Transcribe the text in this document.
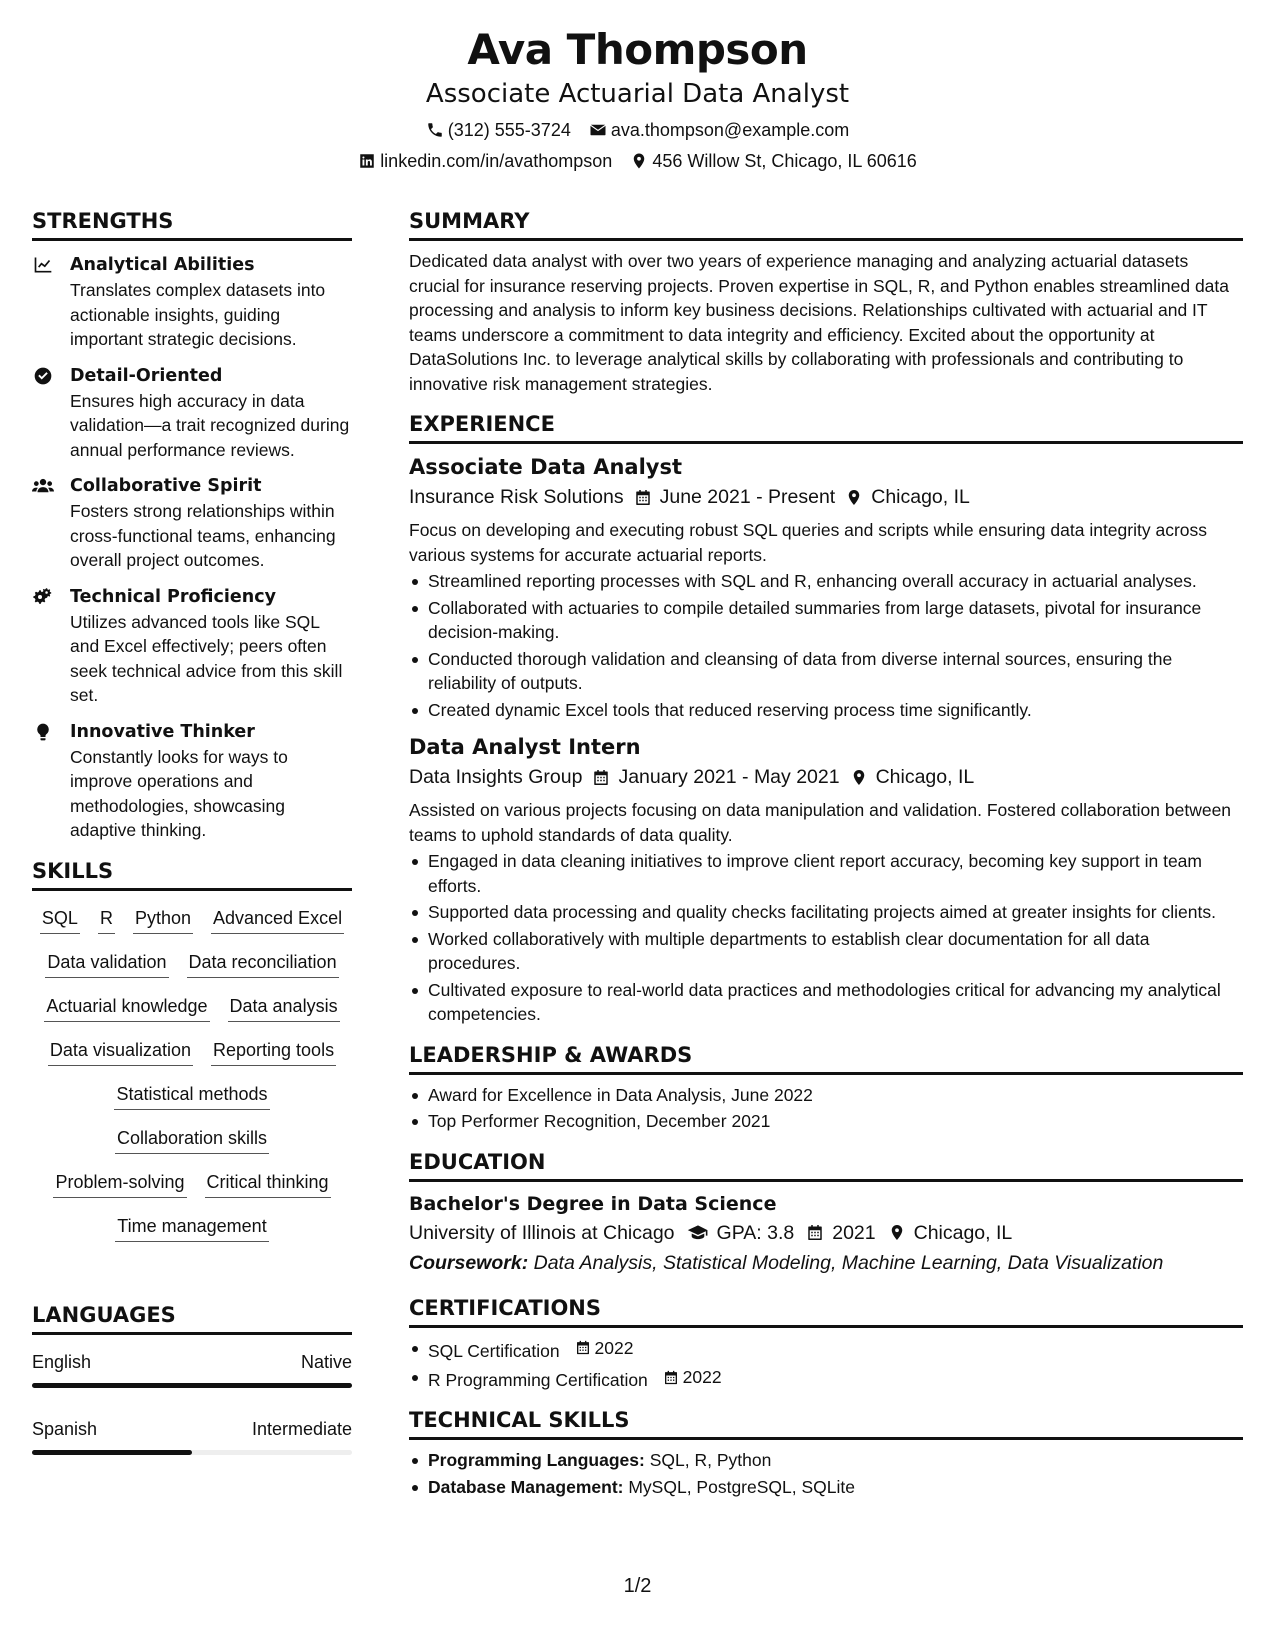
Ava Thompson
Associate Actuarial Data Analyst
(312) 555-3724 ava.thompson@example.com
linkedin.com/in/avathompson 456 Willow St, Chicago, IL 60616
STRENGTHS
Analytical Abilities
Translates complex datasets into actionable insights, guiding important strategic decisions.
Detail-Oriented
Ensures high accuracy in data validation—a trait recognized during annual performance reviews.
Collaborative Spirit
Fosters strong relationships within cross-functional teams, enhancing overall project outcomes.
Technical Proficiency
Utilizes advanced tools like SQL and Excel effectively; peers often seek technical advice from this skill set.
Innovative Thinker
Constantly looks for ways to improve operations and methodologies, showcasing adaptive thinking.
SKILLS
SQL R Python Advanced Excel
Data validation Data reconciliation
Actuarial knowledge Data analysis
Data visualization Reporting tools
Statistical methods
Collaboration skills
Problem-solving Critical thinking
Time management
LANGUAGES
English	Native
Spanish	Intermediate
SUMMARY
Dedicated data analyst with over two years of experience managing and analyzing actuarial datasets crucial for insurance reserving projects. Proven expertise in SQL, R, and Python enables streamlined data processing and analysis to inform key business decisions. Relationships cultivated with actuarial and IT teams underscore a commitment to data integrity and efficiency. Excited about the opportunity at DataSolutions Inc. to leverage analytical skills by collaborating with professionals and contributing to innovative risk management strategies.
EXPERIENCE
Associate Data Analyst
Insurance Risk Solutions June 2021 - Present Chicago, IL
Focus on developing and executing robust SQL queries and scripts while ensuring data integrity across various systems for accurate actuarial reports.
Streamlined reporting processes with SQL and R, enhancing overall accuracy in actuarial analyses.
Collaborated with actuaries to compile detailed summaries from large datasets, pivotal for insurance decision-making.
Conducted thorough validation and cleansing of data from diverse internal sources, ensuring the reliability of outputs.
Created dynamic Excel tools that reduced reserving process time significantly.
Data Analyst Intern
Data Insights Group January 2021 - May 2021 Chicago, IL
Assisted on various projects focusing on data manipulation and validation. Fostered collaboration between teams to uphold standards of data quality.
Engaged in data cleaning initiatives to improve client report accuracy, becoming key support in team efforts.
Supported data processing and quality checks facilitating projects aimed at greater insights for clients.
Worked collaboratively with multiple departments to establish clear documentation for all data procedures.
Cultivated exposure to real-world data practices and methodologies critical for advancing my analytical competencies.
LEADERSHIP & AWARDS
Award for Excellence in Data Analysis, June 2022
Top Performer Recognition, December 2021
EDUCATION
Bachelor's Degree in Data Science
University of Illinois at Chicago GPA: 3.8 2021 Chicago, IL
Coursework: Data Analysis, Statistical Modeling, Machine Learning, Data Visualization
CERTIFICATIONS
SQL Certification 2022
R Programming Certification 2022
TECHNICAL SKILLS
Programming Languages: SQL, R, Python
Database Management: MySQL, PostgreSQL, SQLite
1/2
